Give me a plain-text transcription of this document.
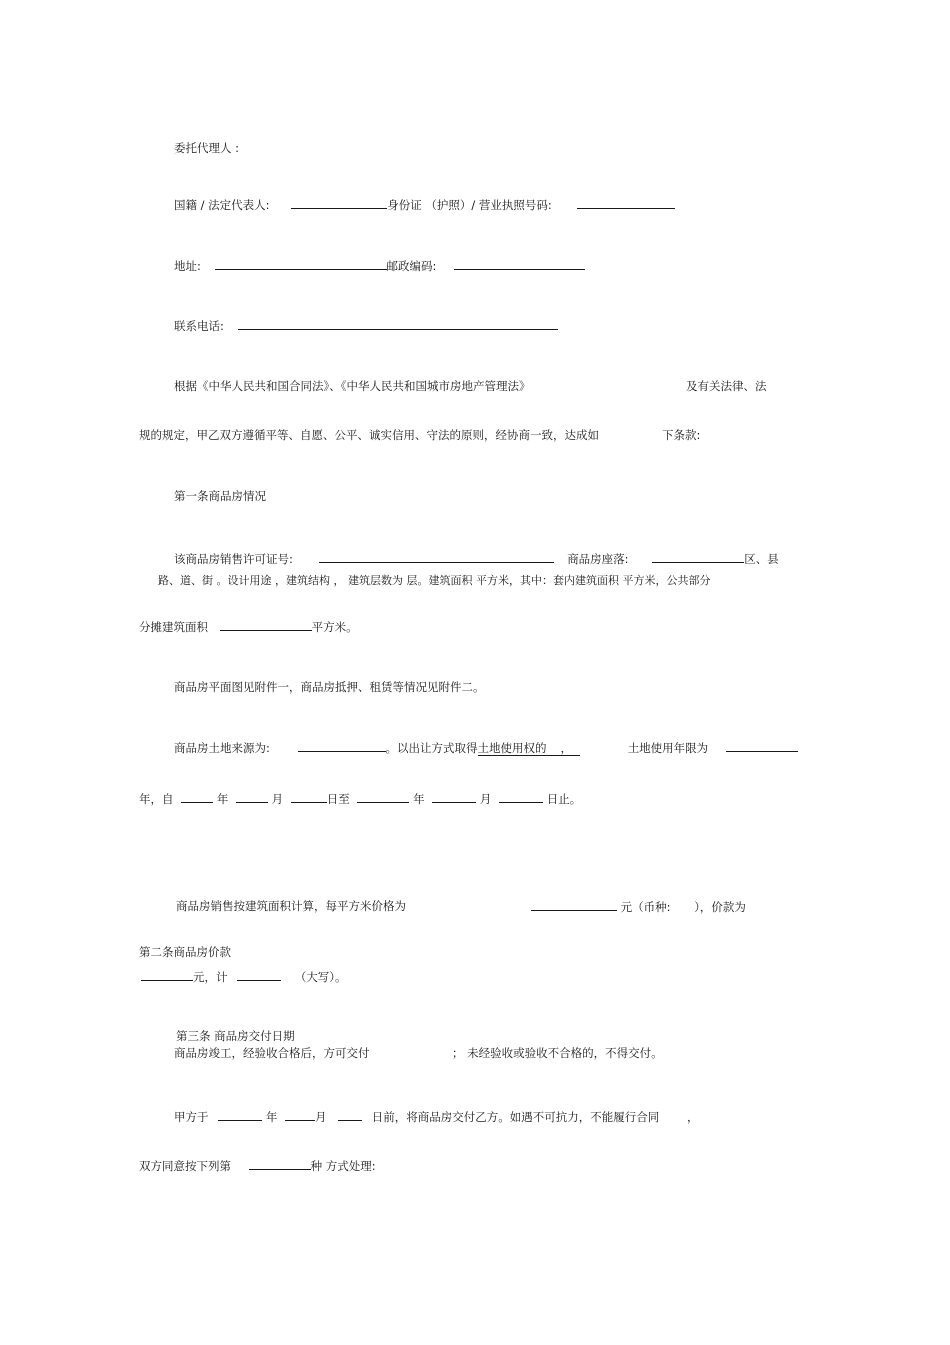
委托代理人 :
国籍 / 法定代表人:	身份证 （护照）/ 营业执照号码:
地址:	邮政编码:
联系电话:
根据《中华人民共和国合同法》、《中华人民共和国城市房地产管理法》	及有关法律、法
规的规定，甲乙双方遵循平等、自愿、公平、诚实信用、守法的原则，经协商一致，达成如	下条款:
第一条商品房情况
该商品房销售许可证号:	商品房座落:	区、县
路、道、街 。设计用途 ，建筑结构 ， 建筑层数为 层。建筑面积 平方米，其中：套内建筑面积 平方米，公共部分
分摊建筑面积	平方米。
商品房平面图见附件一，商品房抵押、租赁等情况见附件二。
商品房土地来源为:	。以出让方式取得土地使用权的 ，	土地使用年限为
年，自	年	月	日至	年	月	日止。
商品房销售按建筑面积计算，每平方米价格为	元（币种: ），价款为
第二条商品房价款
元，计	（大写）。
第三条 商品房交付日期
商品房竣工，经验收合格后，方可交付	； 未经验收或验收不合格的，不得交付。
甲方于	年	月	日前，将商品房交付乙方。如遇不可抗力，不能履行合同 ，
双方同意按下列第	种 方式处理:
